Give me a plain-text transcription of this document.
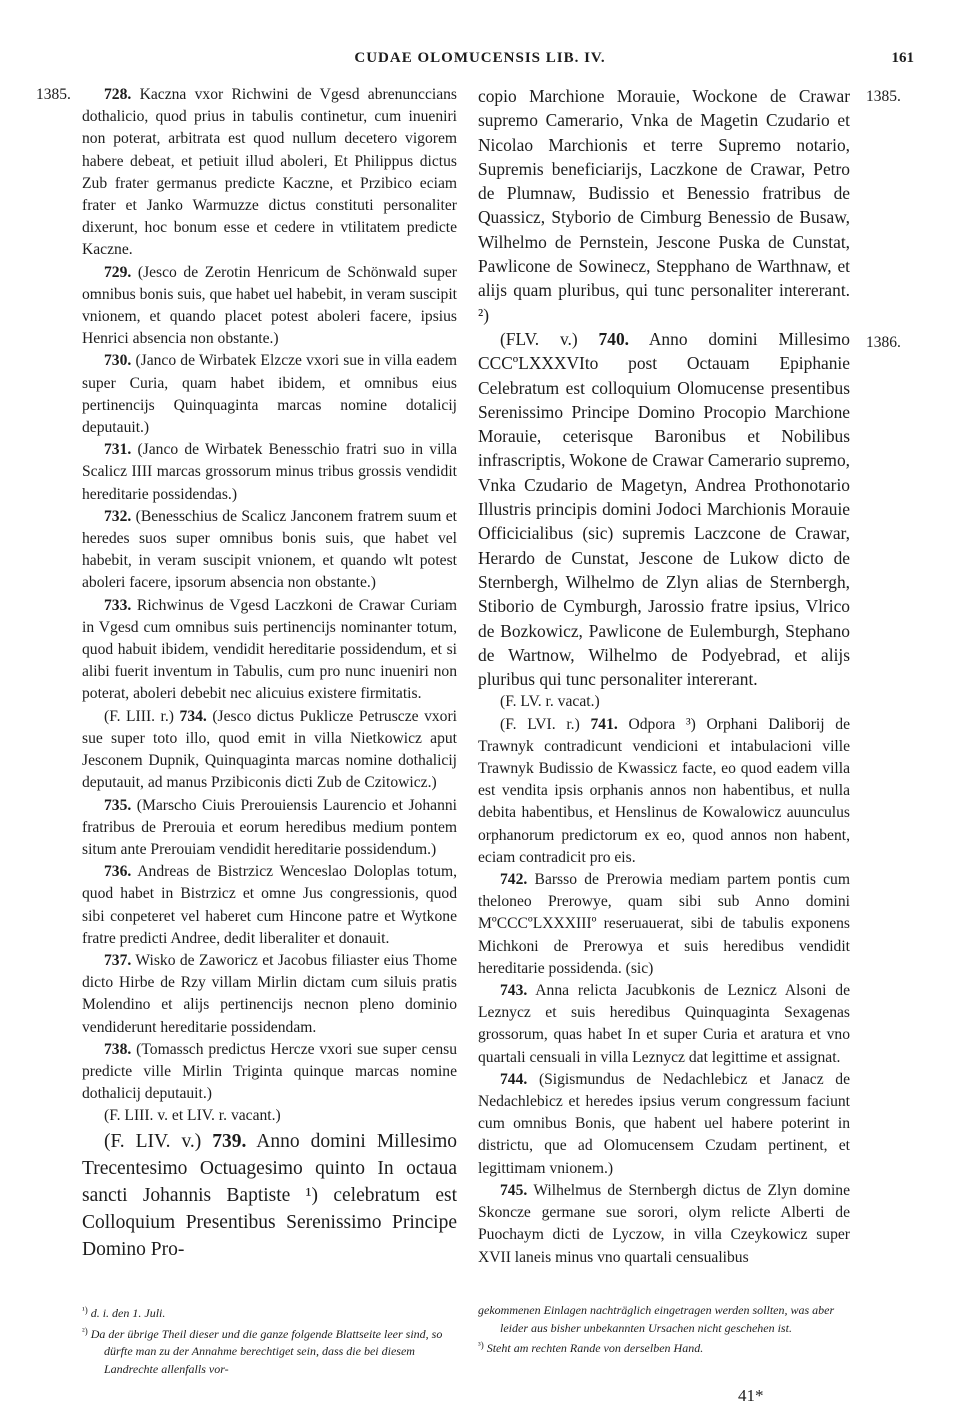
CUDAE OLOMUCENSIS LIB. IV.	161
1385.	1385.
1386.

728. Kaczna vxor Richwini de Vgesd abrenunccians dothalicio, quod prius in tabulis continetur, cum inueniri non poterat, arbitrata est quod nullum decetero vigorem habere debeat, et petiuit illud aboleri, Et Philippus dictus Zub frater germanus predicte Kaczne, et Przibico eciam frater et Janko Warmuzze dictus constituti personaliter dixerunt, hoc bonum esse et cedere in vtilitatem predicte Kaczne.

729. (Jesco de Zerotin Henricum de Schönwald super omnibus bonis suis, que habet uel habebit, in veram suscipit vnionem, et quando placet potest aboleri facere, ipsius Henrici absencia non obstante.)

730. (Janco de Wirbatek Elzcze vxori sue in villa eadem super Curia, quam habet ibidem, et omnibus eius pertinencijs Quinquaginta marcas nomine dotalicij deputauit.)

731. (Janco de Wirbatek Benesschio fratri suo in villa Scalicz IIII marcas grossorum minus tribus grossis vendidit hereditarie possidendas.)

732. (Benesschius de Scalicz Janconem fratrem suum et heredes suos super omnibus bonis suis, que habet vel habebit, in veram suscipit vnionem, et quando wlt potest aboleri facere, ipsorum absencia non obstante.)

733. Richwinus de Vgesd Laczkoni de Crawar Curiam in Vgesd cum omnibus suis pertinencijs nominanter totum, quod habuit ibidem, vendidit hereditarie possidendum, et si alibi fuerit inventum in Tabulis, cum pro nunc inueniri non poterat, aboleri debebit nec alicuius existere firmitatis.

(F. LIII. r.) 734. (Jesco dictus Puklicze Petruscze vxori sue super toto illo, quod emit in villa Nietkowicz aput Jesconem Dupnik, Quinquaginta marcas nomine dothalicij deputauit, ad manus Przibiconis dicti Zub de Czitowicz.)

735. (Marscho Ciuis Prerouiensis Laurencio et Johanni fratribus de Prerouia et eorum heredibus medium pontem situm ante Prerouiam vendidit hereditarie possidendum.)

736. Andreas de Bistrzicz Wenceslao Doloplas totum, quod habet in Bistrzicz et omne Jus congressionis, quod sibi conpeteret vel haberet cum Hincone patre et Wytkone fratre predicti Andree, dedit liberaliter et donauit.

737. Wisko de Zaworicz et Jacobus filiaster eius Thome dicto Hirbe de Rzy villam Mirlin dictam cum siluis pratis Molendino et alijs pertinencijs necnon pleno dominio vendiderunt hereditarie possidendam.

738. (Tomassch predictus Hercze vxori sue super censu predicte ville Mirlin Triginta quinque marcas nomine dothalicij deputauit.)

(F. LIII. v. et LIV. r. vacant.)

(F. LIV. v.) 739. Anno domini Millesimo Trecentesimo Octuagesimo quinto In octaua sancti Johannis Baptiste ¹) celebratum est Colloquium Presentibus Serenissimo Principe Domino Pro-

copio Marchione Morauie, Wockone de Crawar supremo Camerario, Vnka de Magetin Czudario et Nicolao Marchionis et terre Supremo notario, Supremis beneficiarijs, Laczkone de Crawar, Petro de Plumnaw, Budissio et Benessio fratribus de Quassicz, Styborio de Cimburg Benessio de Busaw, Wilhelmo de Pernstein, Jescone Puska de Cunstat, Pawlicone de Sowinecz, Stepphano de Warthnaw, et alijs quam pluribus, qui tunc personaliter intererant. ²)

(FLV. v.) 740. Anno domini Millesimo CCCºLXXXVIto post Octauam Epiphanie Celebratum est colloquium Olomucense presentibus Serenissimo Principe Domino Procopio Marchione Morauie, ceterisque Baronibus et Nobilibus infrascriptis, Wokone de Crawar Camerario supremo, Vnka Czudario de Magetyn, Andrea Prothonotario Illustris principis domini Jodoci Marchionis Morauie Officicialibus (sic) supremis Laczcone de Crawar, Herardo de Cunstat, Jescone de Lukow dicto de Sternbergh, Wilhelmo de Zlyn alias de Sternbergh, Stiborio de Cymburgh, Jarossio fratre ipsius, Vlrico de Bozkowicz, Pawlicone de Eulemburgh, Stephano de Wartnow, Wilhelmo de Podyebrad, et alijs pluribus qui tunc personaliter intererant.

(F. LV. r. vacat.)

(F. LVI. r.) 741. Odpora ³) Orphani Daliborij de Trawnyk contradicunt vendicioni et intabulacioni ville Trawnyk Budissio de Kwassicz facte, eo quod eadem villa est vendita ipsis orphanis annos non habentibus, et nulla debita habentibus, et Henslinus de Kowalowicz auunculus orphanorum predictorum ex eo, quod annos non habent, eciam contradicit pro eis.

742. Barsso de Prerowia mediam partem pontis cum theloneo Prerowye, quam sibi sub Anno domini MºCCCºLXXXIIIº reseruauerat, sibi de tabulis exponens Michkoni de Prerowya et suis heredibus vendidit hereditarie possidenda. (sic)

743. Anna relicta Jacubkonis de Leznicz Alsoni de Leznycz et suis heredibus Quinquaginta Sexagenas grossorum, quas habet In et super Curia et aratura et vno quartali censuali in villa Leznycz dat legittime et assignat.

744. (Sigismundus de Nedachlebicz et Janacz de Nedachlebicz et heredes ipsius verum congressum faciunt cum omnibus Bonis, que habent uel habere poterint in districtu, que ad Olomucensem Czudam pertinent, et legittimam vnionem.)

745. Wilhelmus de Sternbergh dictus de Zlyn domine Skoncze germane sue sorori, olym relicte Alberti de Puochaym dicti de Lyczow, in villa Czeykowicz super XVII laneis minus vno quartali censualibus

$^{^1)}$ d. i. den 1. Juli.

$^{^2)}$ Da der übrige Theil dieser und die ganze folgende Blattseite leer sind, so dürfte man zu der Annahme berechtiget sein, dass die bei diesem Landrechte allenfalls vor-

gekommenen Einlagen nachträglich eingetragen werden sollten, was aber leider aus bisher unbekannten Ursachen nicht geschehen ist.

$^{^3)}$ Steht am rechten Rande von derselben Hand.

41*
